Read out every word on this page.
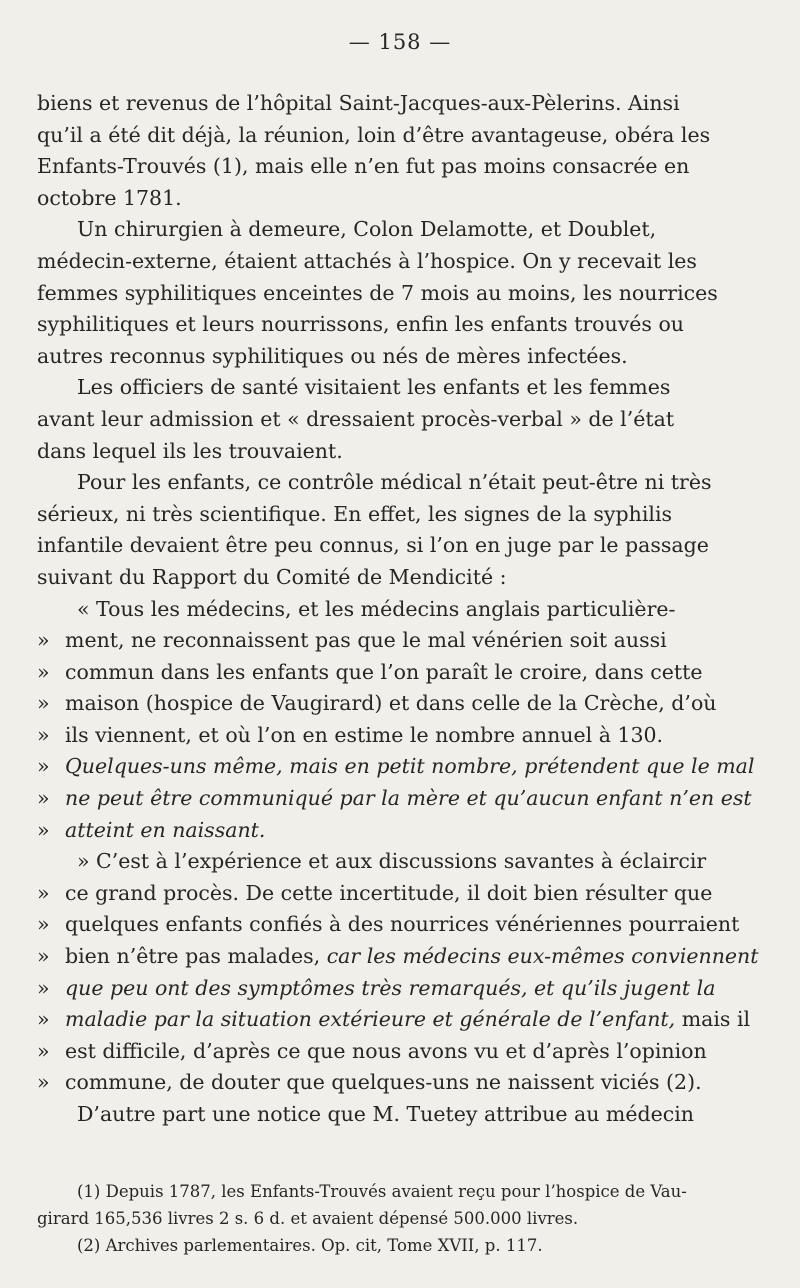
— 158 —

biens et revenus de l’hôpital Saint-Jacques-aux-Pèlerins. Ainsi
qu’il a été dit déjà, la réunion, loin d’être avantageuse, obéra les
Enfants-Trouvés (1), mais elle n’en fut pas moins consacrée en
octobre 1781.

Un chirurgien à demeure, Colon Delamotte, et Doublet,
médecin-externe, étaient attachés à l’hospice. On y recevait les
femmes syphilitiques enceintes de 7 mois au moins, les nourrices
syphilitiques et leurs nourrissons, enfin les enfants trouvés ou
autres reconnus syphilitiques ou nés de mères infectées.

Les officiers de santé visitaient les enfants et les femmes
avant leur admission et « dressaient procès-verbal » de l’état
dans lequel ils les trouvaient.

Pour les enfants, ce contrôle médical n’était peut-être ni très
sérieux, ni très scientifique. En effet, les signes de la syphilis
infantile devaient être peu connus, si l’on en juge par le passage
suivant du Rapport du Comité de Mendicité :

« Tous les médecins, et les médecins anglais particulière-
» ment, ne reconnaissent pas que le mal vénérien soit aussi
» commun dans les enfants que l’on paraît le croire, dans cette
» maison (hospice de Vaugirard) et dans celle de la Crèche, d’où
» ils viennent, et où l’on en estime le nombre annuel à 130.
» Quelques-uns même, mais en petit nombre, prétendent que le mal
» ne peut être communiqué par la mère et qu’aucun enfant n’en est
» atteint en naissant.

» C’est à l’expérience et aux discussions savantes à éclaircir
» ce grand procès. De cette incertitude, il doit bien résulter que
» quelques enfants confiés à des nourrices vénériennes pourraient
» bien n’être pas malades, car les médecins eux-mêmes conviennent
» que peu ont des symptômes très remarqués, et qu’ils jugent la
» maladie par la situation extérieure et générale de l’enfant, mais il
» est difficile, d’après ce que nous avons vu et d’après l’opinion
» commune, de douter que quelques-uns ne naissent viciés (2).

D’autre part une notice que M. Tuetey attribue au médecin

(1) Depuis 1787, les Enfants-Trouvés avaient reçu pour l’hospice de Vau-
girard 165,536 livres 2 s. 6 d. et avaient dépensé 500.000 livres.
(2) Archives parlementaires. Op. cit, Tome XVII, p. 117.
